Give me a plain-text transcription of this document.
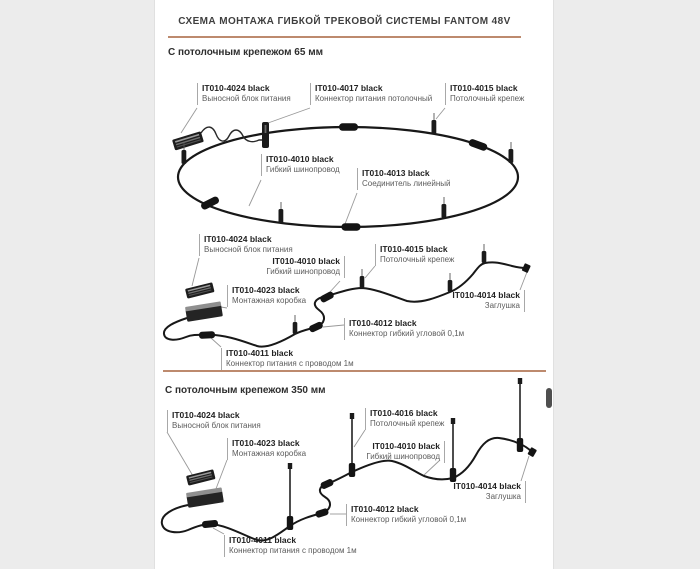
СХЕМА МОНТАЖА ГИБКОЙ ТРЕКОВОЙ СИСТЕМЫ FANTOM 48V
С потолочным крепежом 65 мм
С потолочным крепежом 350 мм
IT010-4024 black
Выносной блок питания
IT010-4017 black
Коннектор питания потолочный
IT010-4015 black
Потолочный крепеж
IT010-4010 black
Гибкий шинопровод	IT010-4013 black
Соединитель линейный
IT010-4024 black
Выносной блок питания
IT010-4010 black
Гибкий шинопровод
IT010-4015 black
Потолочный крепеж
IT010-4023 black
Монтажная коробка
IT010-4012 black
Коннектор гибкий угловой 0,1м
IT010-4011 black
Коннектор питания с проводом 1м
IT010-4014 black
Заглушка
IT010-4024 black
Выносной блок питания
IT010-4023 black
Монтажная коробка
IT010-4016 black
Потолочный крепеж
IT010-4010 black
Гибкий шинопровод
IT010-4012 black
Коннектор гибкий угловой 0,1м
IT010-4011 black
Коннектор питания с проводом 1м
IT010-4014 black
Заглушка
